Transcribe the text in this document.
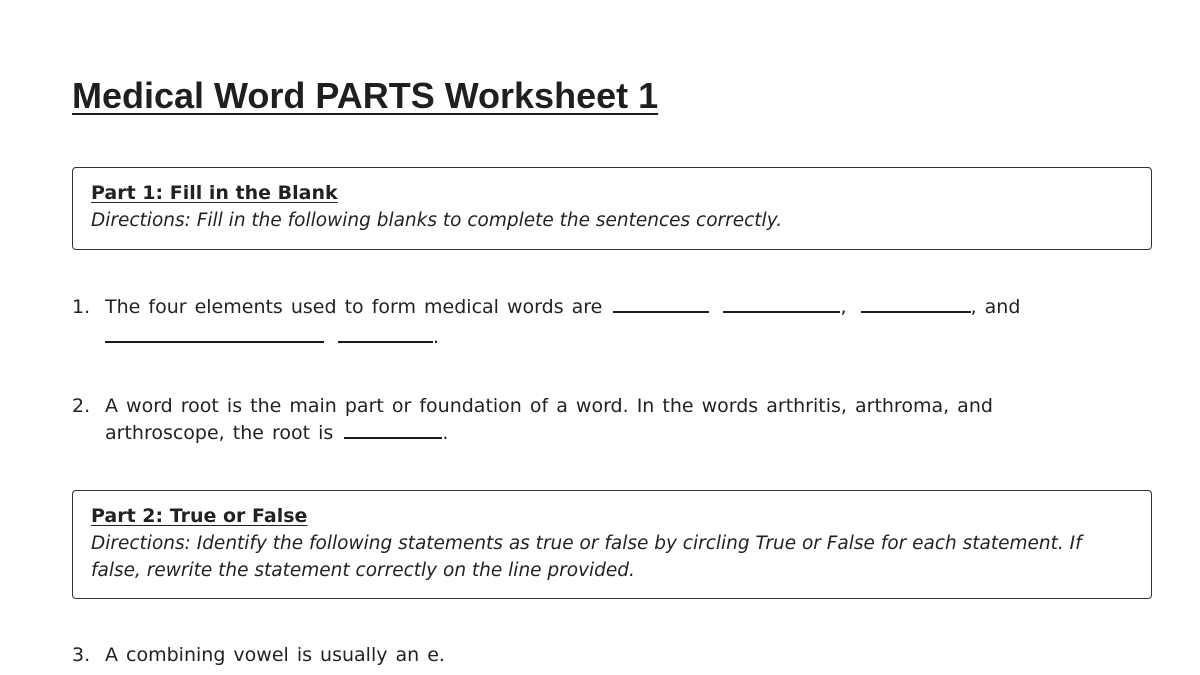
Medical Word PARTS Worksheet 1
Part 1: Fill in the Blank
Directions: Fill in the following blanks to complete the sentences correctly.
1. The four elements used to form medical words are	,	, and
.
2. A word root is the main part or foundation of a word. In the words arthritis, arthroma, and
arthroscope, the root is	.
Part 2: True or False
Directions: Identify the following statements as true or false by circling True or False for each statement. If
false, rewrite the statement correctly on the line provided.
3. A combining vowel is usually an e.
